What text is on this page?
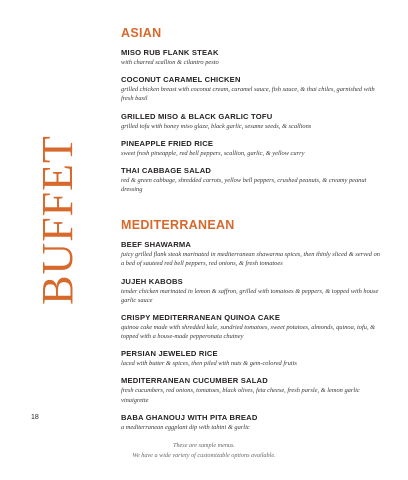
BUFFET
ASIAN
MISO RUB FLANK STEAK
with charred scallion & cilantro pesto
COCONUT CARAMEL CHICKEN
grilled chicken breast with coconut cream, caramel sauce, fish sauce, & thai chiles, garnished with fresh basil
GRILLED MISO & BLACK GARLIC TOFU
grilled tofu with honey miso glaze, black garlic, sesame seeds, & scallions
PINEAPPLE FRIED RICE
sweet fresh pineapple, red bell peppers, scallion, garlic, & yellow curry
THAI CABBAGE SALAD
red & green cabbage, shredded carrots, yellow bell peppers, crushed peanuts, & creamy peanut dressing
MEDITERRANEAN
BEEF SHAWARMA
juicy grilled flank steak marinated in mediterranean shawarma spices, then thinly sliced & served on a bed of sauteed red bell peppers, red onions, & fresh tomatoes
JUJEH KABOBS
tender chicken marinated in lemon & saffron, grilled with tomatoes & peppers, & topped with house garlic sauce
CRISPY MEDITERRANEAN QUINOA CAKE
quinoa cake made with shredded kale, sundried tomatoes, sweet potatoes, almonds, quinoa, tofu, & topped with a house-made pepperonata chutney
PERSIAN JEWELED RICE
laced with butter & spices, then piled with nuts & gem-colored fruits
MEDITERRANEAN CUCUMBER SALAD
fresh cucumbers, red onions, tomatoes, black olives, feta cheese, fresh parsle, & lemon garlic vinaigrette
BABA GHANOUJ WITH PITA BREAD
a mediterranean eggplant dip with tahini & garlic
18
These are sample menus.
We have a wide variety of customizable options available.
